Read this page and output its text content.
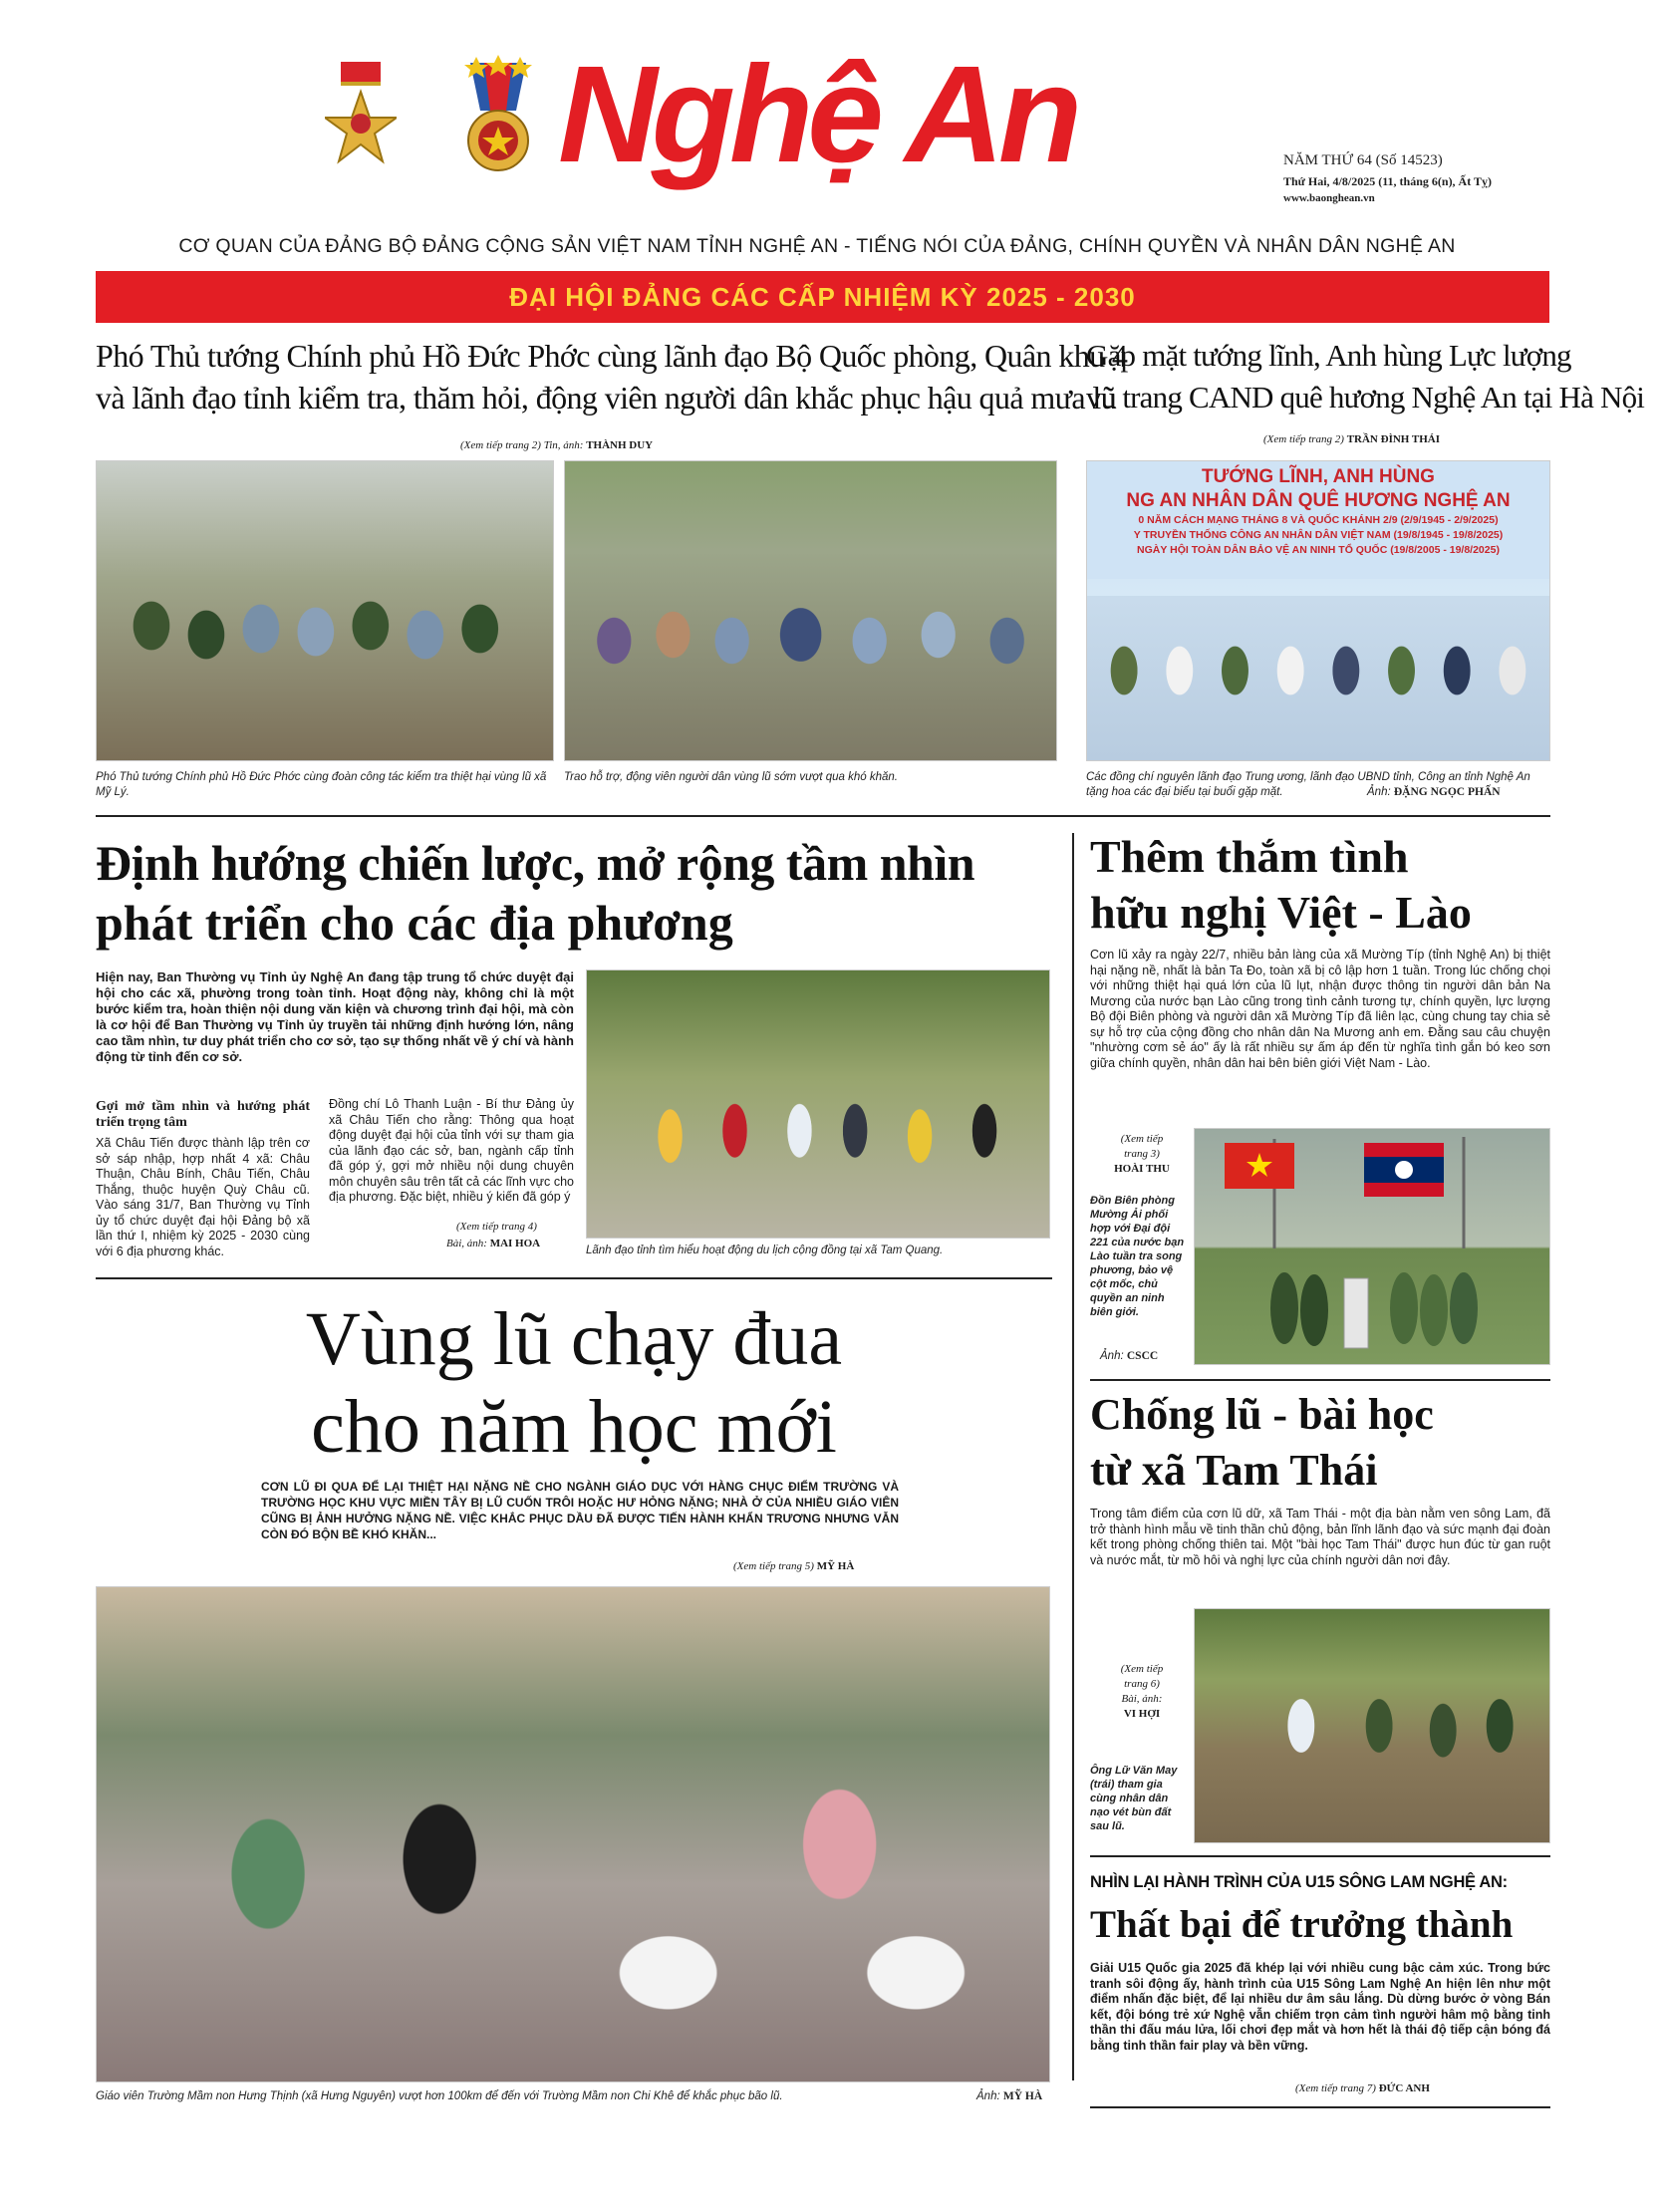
Nghệ An	NĂM THỨ 64 (Số 14523)
Thứ Hai, 4/8/2025 (11, tháng 6(n), Ất Tỵ)
www.baonghean.vn
CƠ QUAN CỦA ĐẢNG BỘ ĐẢNG CỘNG SẢN VIỆT NAM TỈNH NGHỆ AN - TIẾNG NÓI CỦA ĐẢNG, CHÍNH QUYỀN VÀ NHÂN DÂN NGHỆ AN
ĐẠI HỘI ĐẢNG CÁC CẤP NHIỆM KỲ 2025 - 2030
Phó Thủ tướng Chính phủ Hồ Đức Phớc cùng lãnh đạo Bộ Quốc phòng, Quân khu 4
và lãnh đạo tỉnh kiểm tra, thăm hỏi, động viên người dân khắc phục hậu quả mưa lũ
(Xem tiếp trang 2) Tin, ảnh: THÀNH DUY
Phó Thủ tướng Chính phủ Hồ Đức Phớc cùng đoàn công tác kiểm tra thiệt hại vùng lũ xã Mỹ Lý.
Trao hỗ trợ, động viên người dân vùng lũ sớm vượt qua khó khăn.
Gặp mặt tướng lĩnh, Anh hùng Lực lượng
vũ trang CAND quê hương Nghệ An tại Hà Nội
(Xem tiếp trang 2) TRẦN ĐÌNH THÁI
TƯỚNG LĨNH, ANH HÙNG
NG AN NHÂN DÂN QUÊ HƯƠNG NGHỆ AN
0 NĂM CÁCH MẠNG THÁNG 8 VÀ QUỐC KHÁNH 2/9 (2/9/1945 - 2/9/2025)
Y TRUYỀN THỐNG CÔNG AN NHÂN DÂN VIỆT NAM (19/8/1945 - 19/8/2025)
NGÀY HỘI TOÀN DÂN BẢO VỆ AN NINH TỔ QUỐC (19/8/2005 - 19/8/2025)
Các đồng chí nguyên lãnh đạo Trung ương, lãnh đạo UBND tỉnh, Công an tỉnh Nghệ An tặng hoa các đại biểu tại buổi gặp mặt.	Ảnh: ĐẶNG NGỌC PHẤN
Định hướng chiến lược, mở rộng tầm nhìn
phát triển cho các địa phương
Hiện nay, Ban Thường vụ Tỉnh ủy Nghệ An đang tập trung tổ chức duyệt đại hội cho các xã, phường trong toàn tỉnh. Hoạt động này, không chỉ là một bước kiểm tra, hoàn thiện nội dung văn kiện và chương trình đại hội, mà còn là cơ hội để Ban Thường vụ Tỉnh ủy truyền tải những định hướng lớn, nâng cao tầm nhìn, tư duy phát triển cho cơ sở, tạo sự thống nhất về ý chí và hành động từ tỉnh đến cơ sở.
Gợi mở tầm nhìn và hướng phát triển trọng tâm
Xã Châu Tiến được thành lập trên cơ sở sáp nhập, hợp nhất 4 xã: Châu Thuận, Châu Bính, Châu Tiến, Châu Thắng, thuộc huyện Quỳ Châu cũ. Vào sáng 31/7, Ban Thường vụ Tỉnh ủy tổ chức duyệt đại hội Đảng bộ xã lần thứ I, nhiệm kỳ 2025 - 2030 cùng với 6 địa phương khác.
Đồng chí Lô Thanh Luận - Bí thư Đảng ủy xã Châu Tiến cho rằng: Thông qua hoạt động duyệt đại hội của tỉnh với sự tham gia của lãnh đạo các sở, ban, ngành cấp tỉnh đã góp ý, gợi mở nhiều nội dung chuyên môn chuyên sâu trên tất cả các lĩnh vực cho địa phương. Đặc biệt, nhiều ý kiến đã góp ý
(Xem tiếp trang 4)
Bài, ảnh: MAI HOA
Lãnh đạo tỉnh tìm hiểu hoạt động du lịch cộng đồng tại xã Tam Quang.
Vùng lũ chạy đua
cho năm học mới
CƠN LŨ ĐI QUA ĐỂ LẠI THIỆT HẠI NẶNG NỀ CHO NGÀNH GIÁO DỤC VỚI HÀNG CHỤC ĐIỂM TRƯỜNG VÀ TRƯỜNG HỌC KHU VỰC MIỀN TÂY BỊ LŨ CUỐN TRÔI HOẶC HƯ HỎNG NẶNG; NHÀ Ở CỦA NHIỀU GIÁO VIÊN CŨNG BỊ ẢNH HƯỞNG NẶNG NỀ. VIỆC KHẮC PHỤC DẦU ĐÃ ĐƯỢC TIẾN HÀNH KHẨN TRƯƠNG NHƯNG VẪN CÒN ĐÓ BỘN BỀ KHÓ KHĂN...
(Xem tiếp trang 5) MỸ HÀ
Giáo viên Trường Mầm non Hưng Thịnh (xã Hưng Nguyên) vượt hơn 100km để đến với Trường Mầm non Chi Khê để khắc phục bão lũ.	Ảnh: MỸ HÀ
Thêm thắm tình
hữu nghị Việt - Lào
Cơn lũ xảy ra ngày 22/7, nhiều bản làng của xã Mường Típ (tỉnh Nghệ An) bị thiệt hại nặng nề, nhất là bản Ta Đo, toàn xã bị cô lập hơn 1 tuần. Trong lúc chống chọi với những thiệt hại quá lớn của lũ lụt, nhận được thông tin người dân bản Na Mương của nước bạn Lào cũng trong tình cảnh tương tự, chính quyền, lực lượng Bộ đội Biên phòng và người dân xã Mường Típ đã liên lạc, cùng chung tay chia sẻ sự hỗ trợ của cộng đồng cho nhân dân Na Mương anh em. Đằng sau câu chuyện "nhường cơm sẻ áo" ấy là rất nhiều sự ấm áp đến từ nghĩa tình gắn bó keo sơn giữa chính quyền, nhân dân hai bên biên giới Việt Nam - Lào.
(Xem tiếp
trang 3)
HOÀI THU
Đồn Biên phòng Mường Ải phối hợp với Đại đội 221 của nước bạn Lào tuần tra song phương, bảo vệ cột mốc, chủ quyền an ninh biên giới.
Ảnh: CSCC
Chống lũ - bài học
từ xã Tam Thái
Trong tâm điểm của cơn lũ dữ, xã Tam Thái - một địa bàn nằm ven sông Lam, đã trở thành hình mẫu về tinh thần chủ động, bản lĩnh lãnh đạo và sức mạnh đại đoàn kết trong phòng chống thiên tai. Một "bài học Tam Thái" được hun đúc từ gan ruột và nước mắt, từ mồ hôi và nghị lực của chính người dân nơi đây.
(Xem tiếp
trang 6)
Bài, ảnh:
VI HỢI
Ông Lữ Văn May (trái) tham gia cùng nhân dân nạo vét bùn đất sau lũ.
NHÌN LẠI HÀNH TRÌNH CỦA U15 SÔNG LAM NGHỆ AN:
Thất bại để trưởng thành
Giải U15 Quốc gia 2025 đã khép lại với nhiều cung bậc cảm xúc. Trong bức tranh sôi động ấy, hành trình của U15 Sông Lam Nghệ An hiện lên như một điểm nhấn đặc biệt, để lại nhiều dư âm sâu lắng. Dù dừng bước ở vòng Bán kết, đội bóng trẻ xứ Nghệ vẫn chiếm trọn cảm tình người hâm mộ bằng tinh thần thi đấu máu lửa, lối chơi đẹp mắt và hơn hết là thái độ tiếp cận bóng đá bằng tinh thần fair play và bền vững.
(Xem tiếp trang 7) ĐỨC ANH
